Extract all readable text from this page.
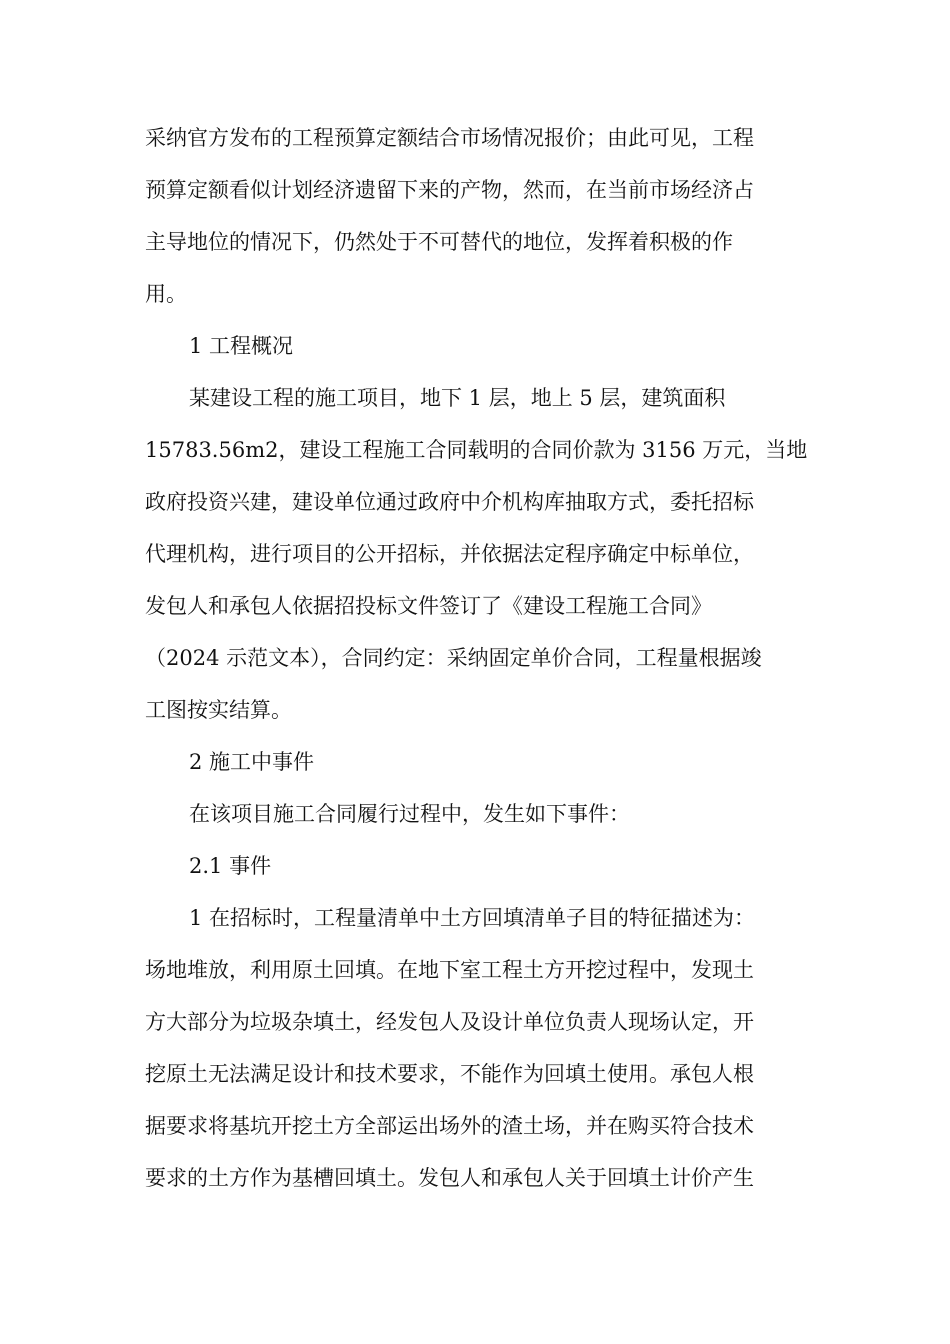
采纳官方发布的工程预算定额结合市场情况报价；由此可见，工程
预算定额看似计划经济遗留下来的产物，然而，在当前市场经济占
主导地位的情况下，仍然处于不可替代的地位，发挥着积极的作
用。
1 工程概况
某建设工程的施工项目，地下 1 层，地上 5 层，建筑面积
15783.56m2，建设工程施工合同载明的合同价款为 3156 万元，当地
政府投资兴建，建设单位通过政府中介机构库抽取方式，委托招标
代理机构，进行项目的公开招标，并依据法定程序确定中标单位，
发包人和承包人依据招投标文件签订了《建设工程施工合同》
（2024 示范文本），合同约定：采纳固定单价合同，工程量根据竣
工图按实结算。
2 施工中事件
在该项目施工合同履行过程中，发生如下事件：
2.1 事件
1 在招标时，工程量清单中土方回填清单子目的特征描述为：
场地堆放，利用原土回填。在地下室工程土方开挖过程中，发现土
方大部分为垃圾杂填土，经发包人及设计单位负责人现场认定，开
挖原土无法满足设计和技术要求，不能作为回填土使用。承包人根
据要求将基坑开挖土方全部运出场外的渣土场，并在购买符合技术
要求的土方作为基槽回填土。发包人和承包人关于回填土计价产生
